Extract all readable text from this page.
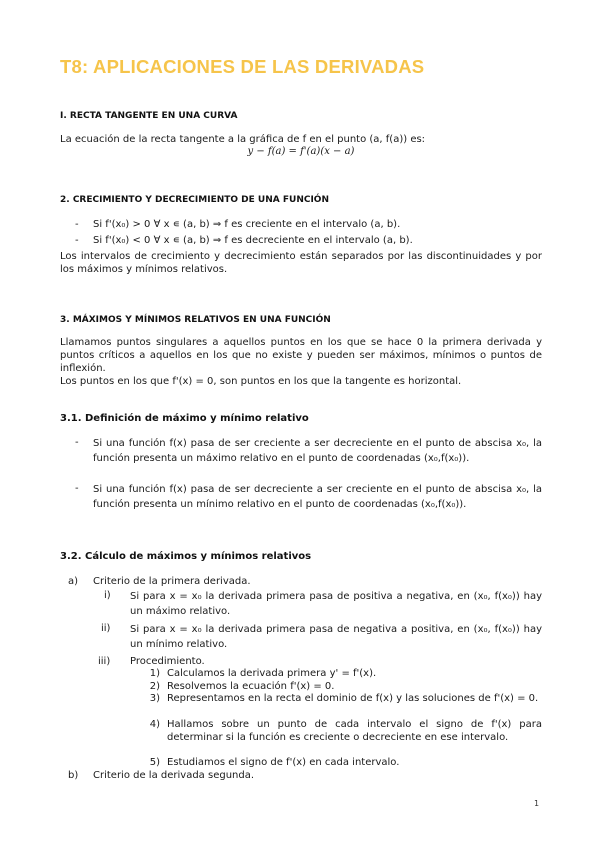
T8: APLICACIONES DE LAS DERIVADAS
I. RECTA TANGENTE EN UNA CURVA
La ecuación de la recta tangente a la gráfica de f en el punto (a, f(a)) es:
y − f(a) = f'(a)(x − a)
2. CRECIMIENTO Y DECRECIMIENTO DE UNA FUNCIÓN
- Si f'(x₀) > 0 ∀ x ∊ (a, b) ⇒ f es creciente en el intervalo (a, b).
- Si f'(x₀) < 0 ∀ x ∊ (a, b) ⇒ f es decreciente en el intervalo (a, b).
Los intervalos de crecimiento y decrecimiento están separados por las discontinuidades y por los máximos y mínimos relativos.
3. MÁXIMOS Y MÍNIMOS RELATIVOS EN UNA FUNCIÓN
Llamamos puntos singulares a aquellos puntos en los que se hace 0 la primera derivada y puntos críticos a aquellos en los que no existe y pueden ser máximos, mínimos o puntos de inflexión.
Los puntos en los que f'(x) = 0, son puntos en los que la tangente es horizontal.
3.1. Definición de máximo y mínimo relativo
- Si una función f(x) pasa de ser creciente a ser decreciente en el punto de abscisa x₀, la función presenta un máximo relativo en el punto de coordenadas (x₀,f(x₀)).
- Si una función f(x) pasa de ser decreciente a ser creciente en el punto de abscisa x₀, la función presenta un mínimo relativo en el punto de coordenadas (x₀,f(x₀)).
3.2. Cálculo de máximos y mínimos relativos
a)	Criterio de la primera derivada.
i)	Si para x = x₀ la derivada primera pasa de positiva a negativa, en (x₀, f(x₀)) hay un máximo relativo.
ii)	Si para x = x₀ la derivada primera pasa de negativa a positiva, en (x₀, f(x₀)) hay un mínimo relativo.
iii)	Procedimiento.
1) Calculamos la derivada primera y' = f'(x).
2) Resolvemos la ecuación f'(x) = 0.
3) Representamos en la recta el dominio de f(x) y las soluciones de f'(x) = 0.
4) Hallamos sobre un punto de cada intervalo el signo de f'(x) para determinar si la función es creciente o decreciente en ese intervalo.
5) Estudiamos el signo de f'(x) en cada intervalo.
b)	Criterio de la derivada segunda.
1
